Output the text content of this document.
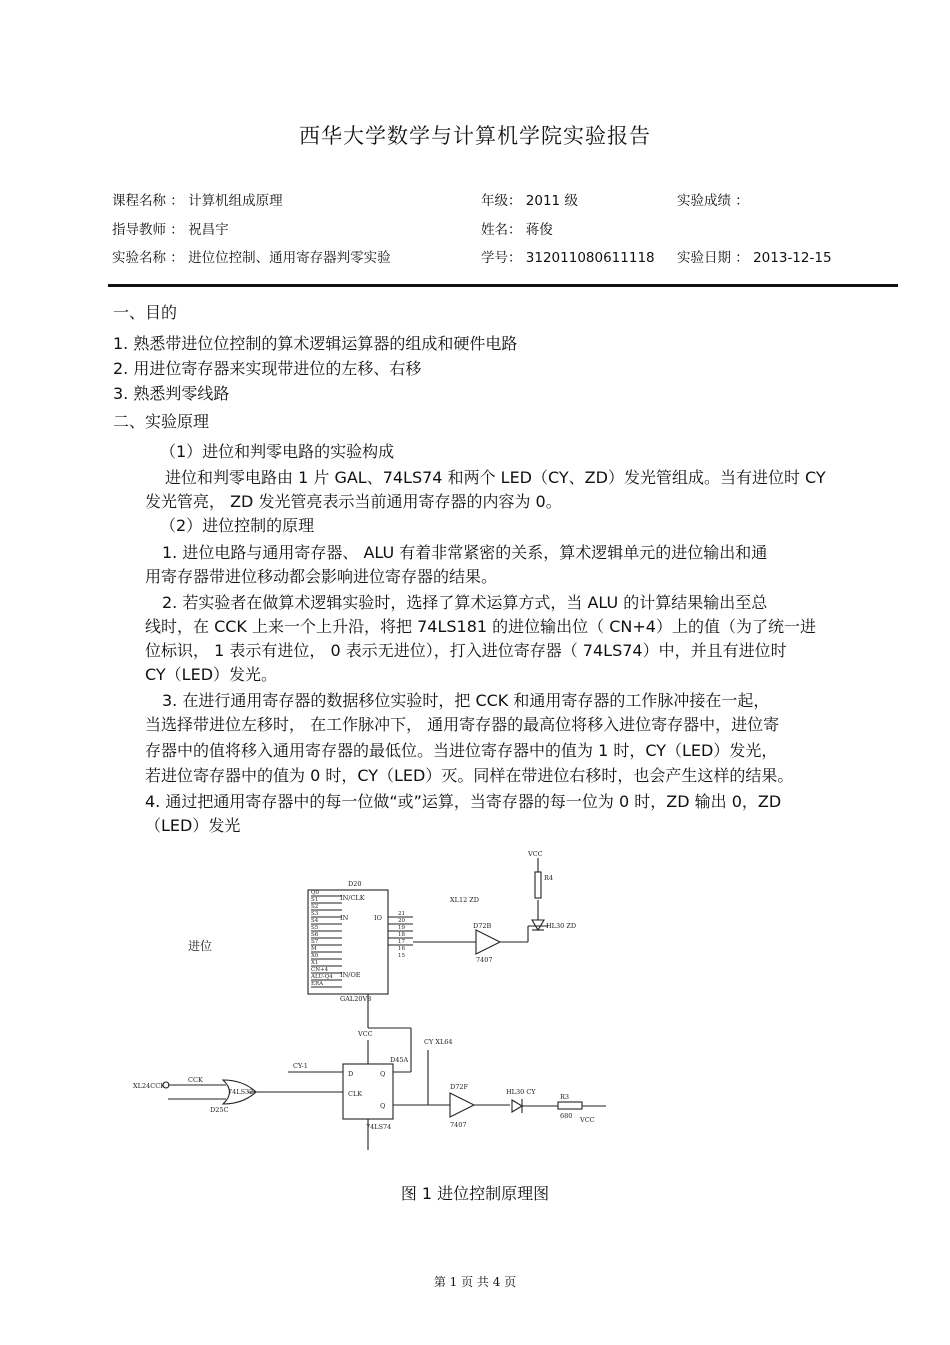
西华大学数学与计算机学院实验报告
课程名称 ： 计算机组成原理	年级： 2011 级	实验成绩 ：
指导教师 ： 祝昌宇	姓名： 蒋俊
实验名称 ： 进位位控制、通用寄存器判零实验	学号： 312011080611118 实验日期 ： 2013-12-15
一、目的
1. 熟悉带进位位控制的算术逻辑运算器的组成和硬件电路
2. 用进位寄存器来实现带进位的左移、右移
3. 熟悉判零线路
二、实验原理
（1）进位和判零电路的实验构成
进位和判零电路由 1 片 GAL、74LS74 和两个 LED（CY、ZD）发光管组成。当有进位时 CY
发光管亮， ZD 发光管亮表示当前通用寄存器的内容为 0。
（2）进位控制的原理
1. 进位电路与通用寄存器、 ALU 有着非常紧密的关系，算术逻辑单元的进位输出和通
用寄存器带进位移动都会影响进位寄存器的结果。
2. 若实验者在做算术逻辑实验时，选择了算术运算方式，当 ALU 的计算结果输出至总
线时，在 CCK 上来一个上升沿，将把 74LS181 的进位输出位（ CN+4）上的值（为了统一进
位标识， 1 表示有进位， 0 表示无进位），打入进位寄存器（ 74LS74）中，并且有进位时
CY（LED）发光。
3. 在进行通用寄存器的数据移位实验时，把 CCK 和通用寄存器的工作脉冲接在一起，
当选择带进位左移时， 在工作脉冲下， 通用寄存器的最高位将移入进位寄存器中，进位寄
存器中的值将移入通用寄存器的最低位。当进位寄存器中的值为 1 时，CY（LED）发光，
若进位寄存器中的值为 0 时，CY（LED）灭。同样在带进位右移时，也会产生这样的结果。
4. 通过把通用寄存器中的每一位做“或”运算，当寄存器的每一位为 0 时，ZD 输出 0，ZD
（LED）发光
D20
GAL20V8
IN/CLK
IN/OE
IN	IO
Q0
S1
S2
S3
S4
S5
S6
S7
M
X0
X1
CN+4
ALU-Q4
ERA
21
20
19
18
17
16
15
进位
XL12 ZD
D72B
7407
VCC
R4
HL30 ZD
VCC
D45A
D
CLK
Q
Q
74LS74
CY-1
CCK
XL24CCK
74LS32
D25C
CY XL64
D72F
7407
HL30 CY
R3
680 VCC
图 1 进位控制原理图
第 1 页 共 4 页
